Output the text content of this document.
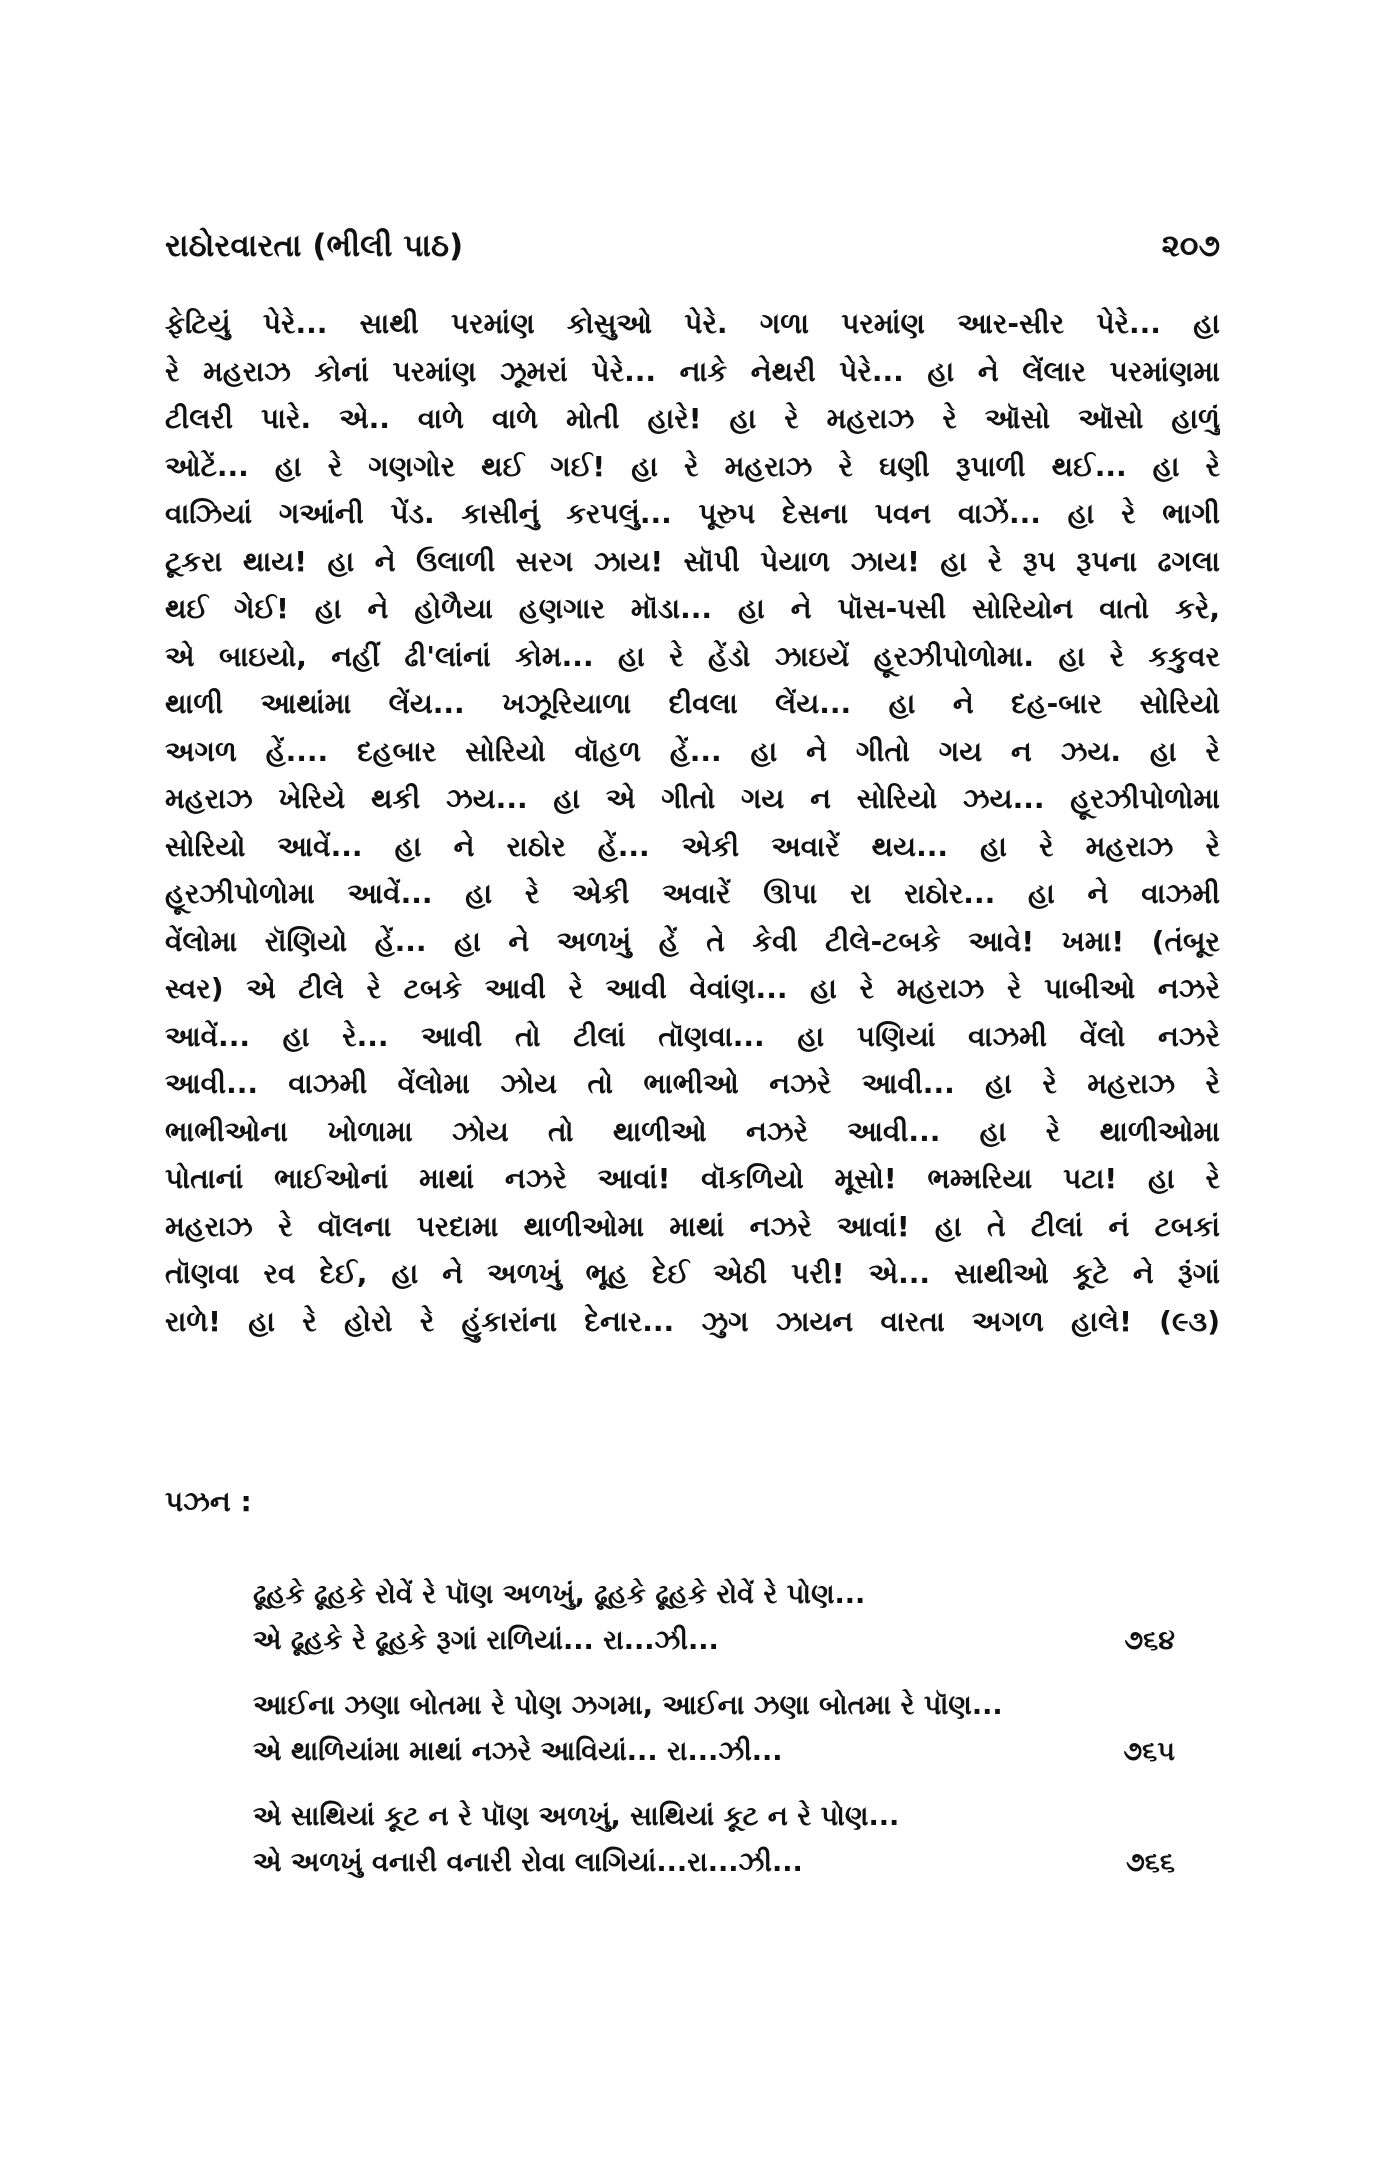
રાઠોરવારતા (ભીલી પાઠ)	૨૦૭
ફેટિયું પેરે... સાથી પરમાંણ કોસુઓ પેરે. ગળા પરમાંણ આર-સીર પેરે... હા
રે મહરાઝ કોનાં પરમાંણ ઝૂમરાં પેરે... નાકે નેથરી પેરે... હા ને લેંલાર પરમાંણમા
ટીલરી પારે. એ.. વાળે વાળે મોતી હારે! હા રે મહરાઝ રે ઑસો ઑસો હાળું
ઓટેં... હા રે ગણગોર થઈ ગઈ! હા રે મહરાઝ રે ઘણી રૂપાળી થઈ... હા રે
વાઝિયાં ગઆંની પેંડ. કાસીનું કરપલું... પૂરુપ દેસના પવન વાઝેં... હા રે ભાગી
ટૂકરા થાય! હા ને ઉલાળી સરગ ઝાય! સૉપી પેયાળ ઝાય! હા રે રૂપ રૂપના ઢગલા
થઈ ગેઈ! હા ને હોળૈયા હણગાર મૉડા... હા ને પૉસ-પસી સોરિયોન વાતો કરે,
એ બાઇયો, નહીં ઢી'લાંનાં કોમ... હા રે હેંડો ઝાઇયેં હૂરઝીપોળોમા. હા રે કકુવર
થાળી આથાંમા લેંય... ખઝૂરિયાળા દીવલા લેંય... હા ને દહ-બાર સોરિયો
અગળ હેં.... દહબાર સોરિયો વૉહળ હેં... હા ને ગીતો ગય ન ઝય. હા રે
મહરાઝ ખેરિયે થકી ઝય... હા એ ગીતો ગય ન સોરિયો ઝય... હૂરઝીપોળોમા
સોરિયો આવેં... હા ને રાઠોર હેં... એકી અવારેં થય... હા રે મહરાઝ રે
હૂરઝીપોળોમા આવેં... હા રે એકી અવારેં ઊપા રા રાઠોર... હા ને વાઝમી
વેંલોમા રૉણિયો હેં... હા ને અળખું હેં તે કેવી ટીલે-ટબકે આવે! ખમા! (તંબૂર
સ્વર) એ ટીલે રે ટબકે આવી રે આવી વેવાંણ... હા રે મહરાઝ રે પાબીઓ નઝરે
આવેં... હા રે... આવી તો ટીલાં તૉણવા... હા પણિયાં વાઝમી વેંલો નઝરે
આવી... વાઝમી વેંલોમા ઝોય તો ભાભીઓ નઝરે આવી... હા રે મહરાઝ રે
ભાભીઓના ખોળામા ઝોય તો થાળીઓ નઝરે આવી... હા રે થાળીઓમા
પોતાનાં ભાઈઓનાં માથાં નઝરે આવાં! વૉકળિયો મૂસો! ભમ્મરિયા પટા! હા રે
મહરાઝ રે વૉલના પરદામા થાળીઓમા માથાં નઝરે આવાં! હા તે ટીલાં નં ટબકાં
તૉણવા રવ દેઈ, હા ને અળખું ભૂહ દેઈ એઠી પરી! એ... સાથીઓ કૂટે ને રૂંગાં
રાળે! હા રે હોરો રે હુંકારાંના દેનાર... ઝુગ ઝાયન વારતા અગળ હાલે! (૯૩)
પઝન :
ઢૂહકે ઢૂહકે રોવેં રે પૉણ અળખું, ઢૂહકે ઢૂહકે રોવેં રે પોણ...
એ ઢૂહકે રે ઢૂહકે રૂગાં રાળિયાં... રા...ઝી...	૭૬૪
આઈના ઝણા બોતમા રે પોણ ઝગમા, આઈના ઝણા બોતમા રે પૉણ...
એ થાળિયાંમા માથાં નઝરે આવિયાં... રા...ઝી...	૭૬૫
એ સાથિયાં કૂટ ન રે પૉણ અળખું, સાથિયાં કૂટ ન રે પોણ...
એ અળખું વનારી વનારી રોવા લાગિયાં...રા...ઝી...	૭૬૬
